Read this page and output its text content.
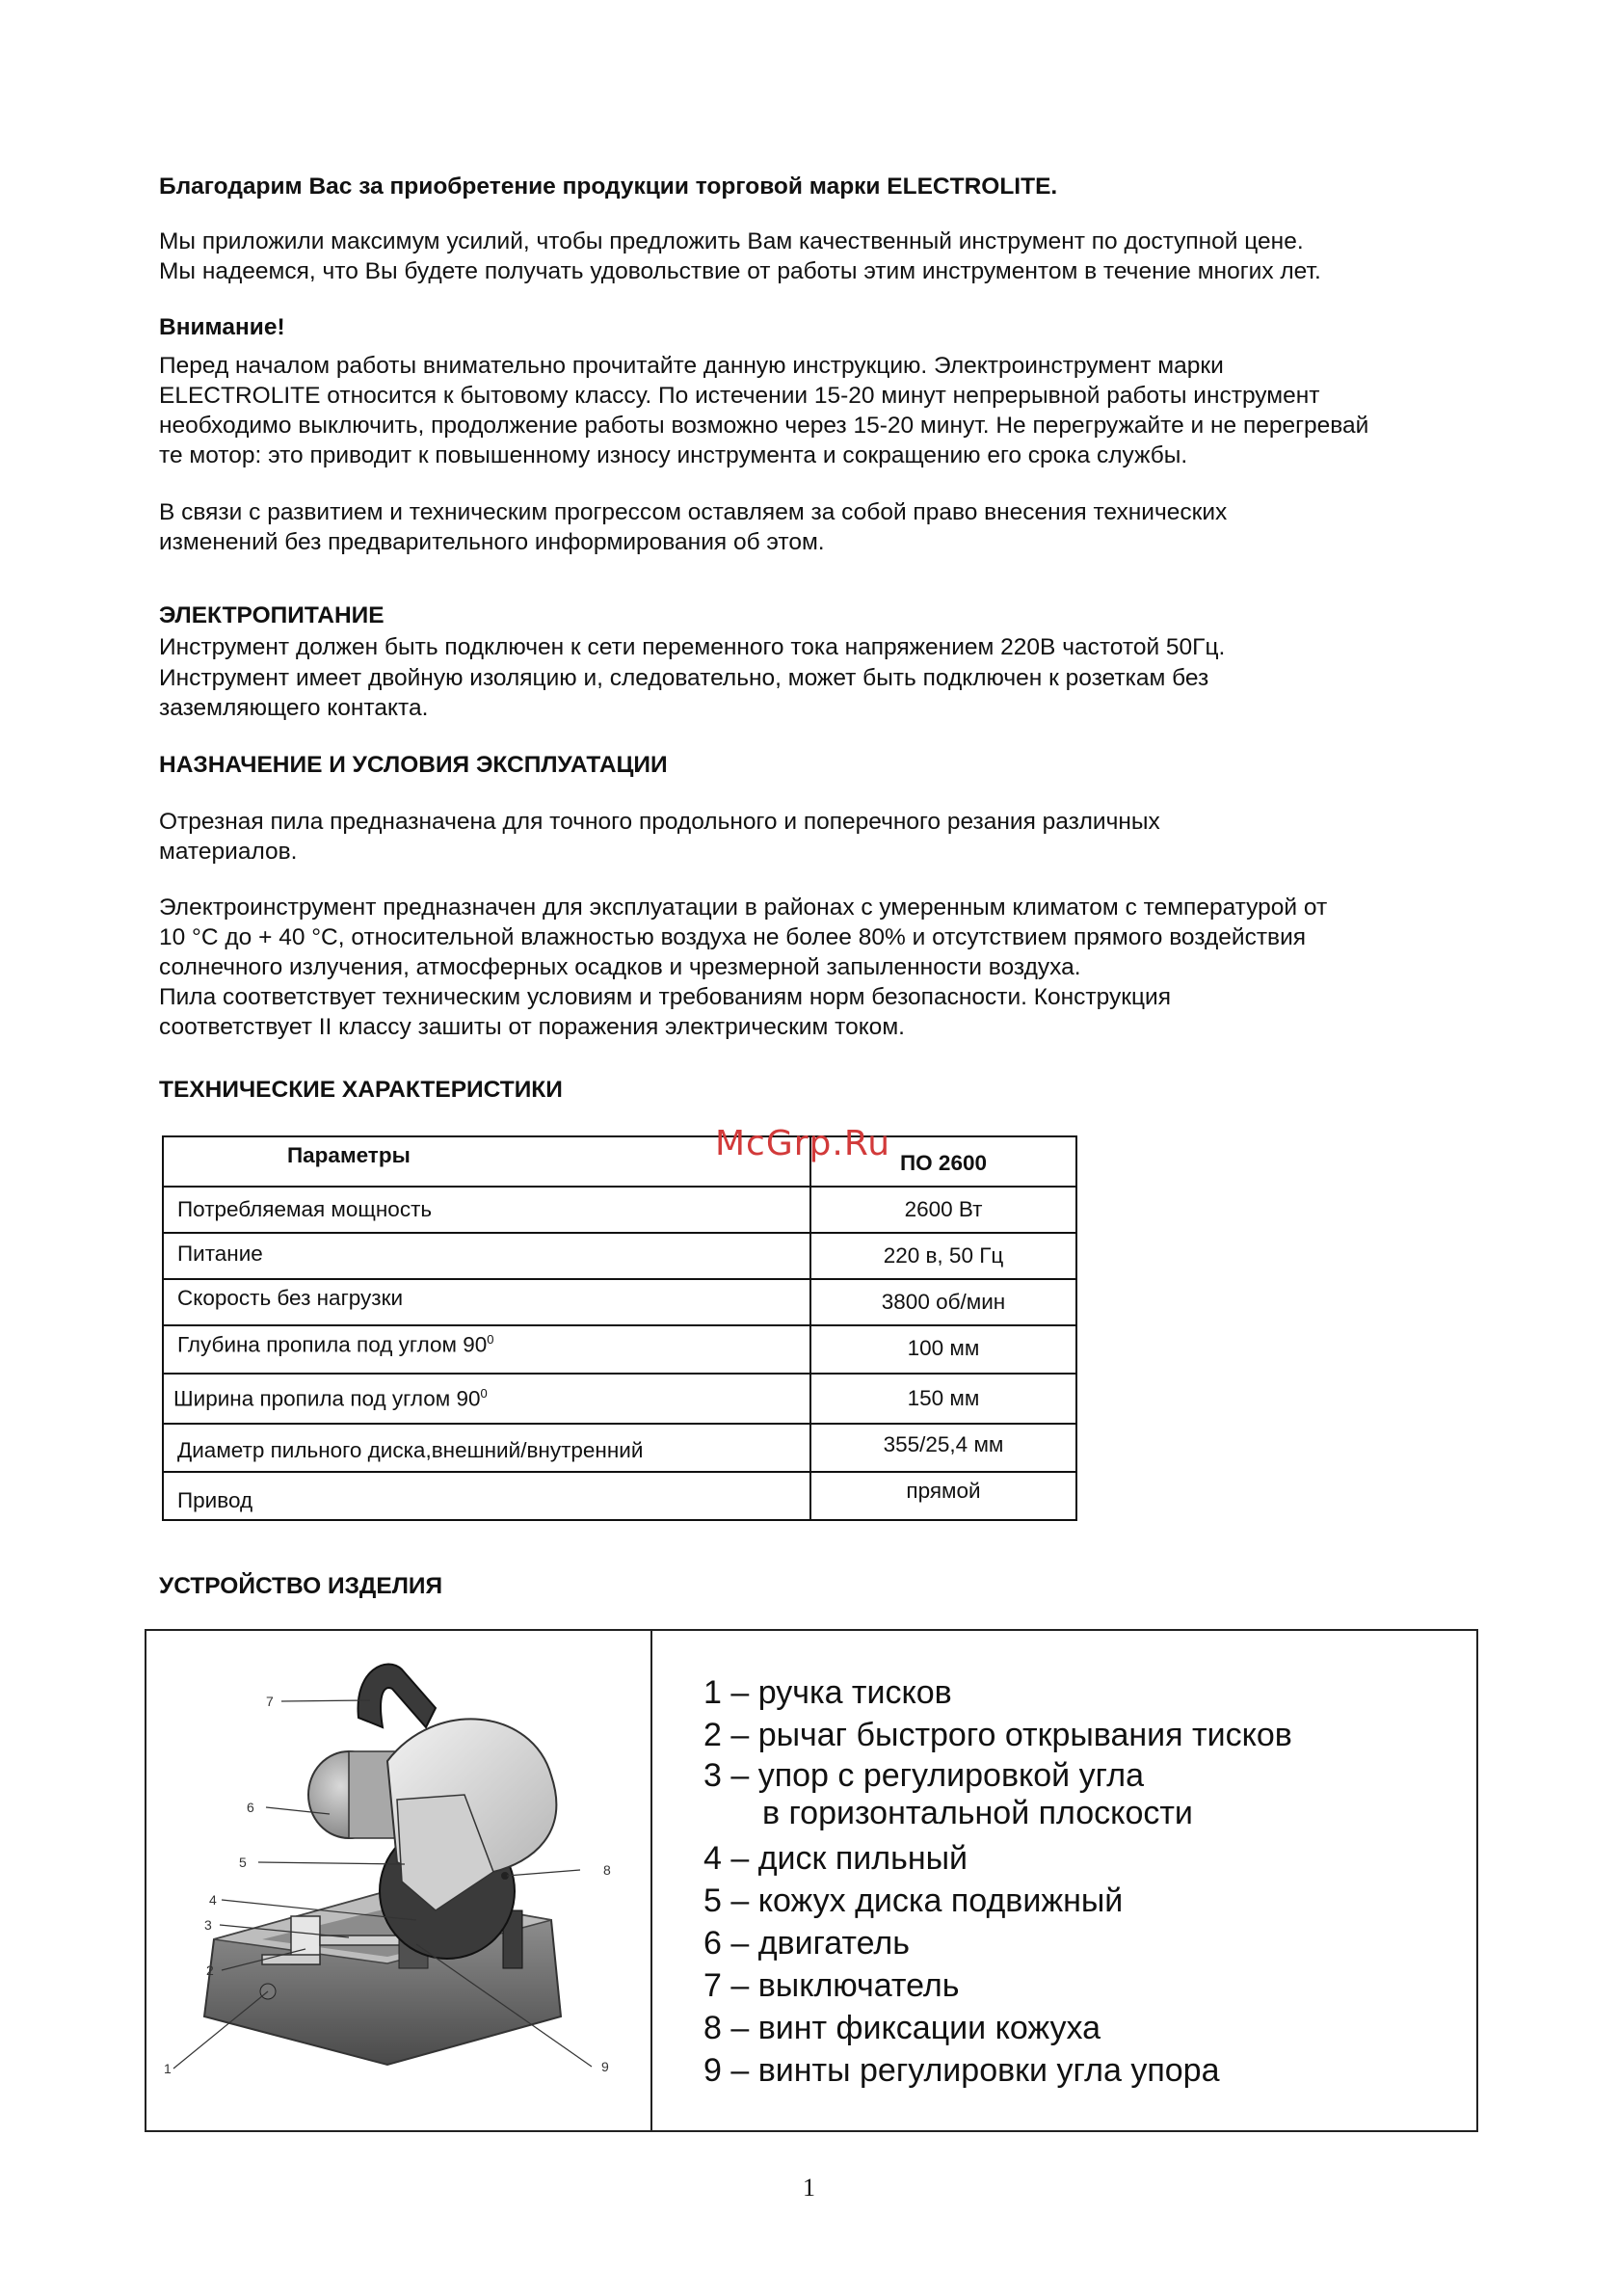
Благодарим Вас за приобретение продукции торговой марки ELECTROLITE.

Мы приложили максимум усилий, чтобы предложить Вам качественный инструмент по доступной цене.

Мы надеемся, что Вы будете получать удовольствие от работы этим инструментом в течение многих лет.

Внимание!

Перед началом работы внимательно прочитайте данную инструкцию. Электроинструмент марки

ELECTROLITE относится к бытовому классу. По истечении 15-20 минут непрерывной работы инструмент

необходимо выключить, продолжение работы возможно через 15-20 минут. Не перегружайте и не перегревай

те мотор: это приводит к повышенному износу инструмента и сокращению его срока службы.

В связи с развитием и техническим прогрессом оставляем за собой право внесения технических

изменений без предварительного информирования об этом.

ЭЛЕКТРОПИТАНИЕ

Инструмент должен быть подключен к сети переменного тока напряжением 220В частотой 50Гц.

Инструмент имеет двойную изоляцию и, следовательно, может быть подключен к розеткам без

заземляющего контакта.

НАЗНАЧЕНИЕ И УСЛОВИЯ ЭКСПЛУАТАЦИИ

Отрезная пила предназначена для точного продольного и поперечного резания различных

материалов.

Электроинструмент предназначен для эксплуатации в районах с умеренным климатом с температурой от

10 °С до + 40 °С, относительной влажностью воздуха не более 80% и отсутствием прямого воздействия

солнечного излучения, атмосферных осадков и чрезмерной запыленности воздуха.

Пила соответствует техническим условиям и требованиям норм безопасности. Конструкция

соответствует II классу зашиты от поражения электрическим током.

ТЕХНИЧЕСКИЕ ХАРАКТЕРИСТИКИ

Параметры	ПО 2600
Потребляемая мощность	2600 Вт
Питание	220 в, 50 Гц
Скорость без нагрузки	3800 об/мин
Глубина пропила под углом $90^0$	100 мм
Ширина пропила под углом $90^0$	150 мм
Диаметр пильного диска,внешний/внутренний	355/25,4 мм
Привод	прямой
McGrp.Ru

УСТРОЙСТВО ИЗДЕЛИЯ

1
2
3
4
5
6
7
8
9
1 – ручка тисков
2 – рычаг быстрого открывания тисков
3 – упор с регулировкой угла
в горизонтальной плоскости
4 – диск пильный
5 – кожух диска подвижный
6 – двигатель
7 – выключатель
8 – винт фиксации кожуха
9 – винты регулировки угла упора
1
